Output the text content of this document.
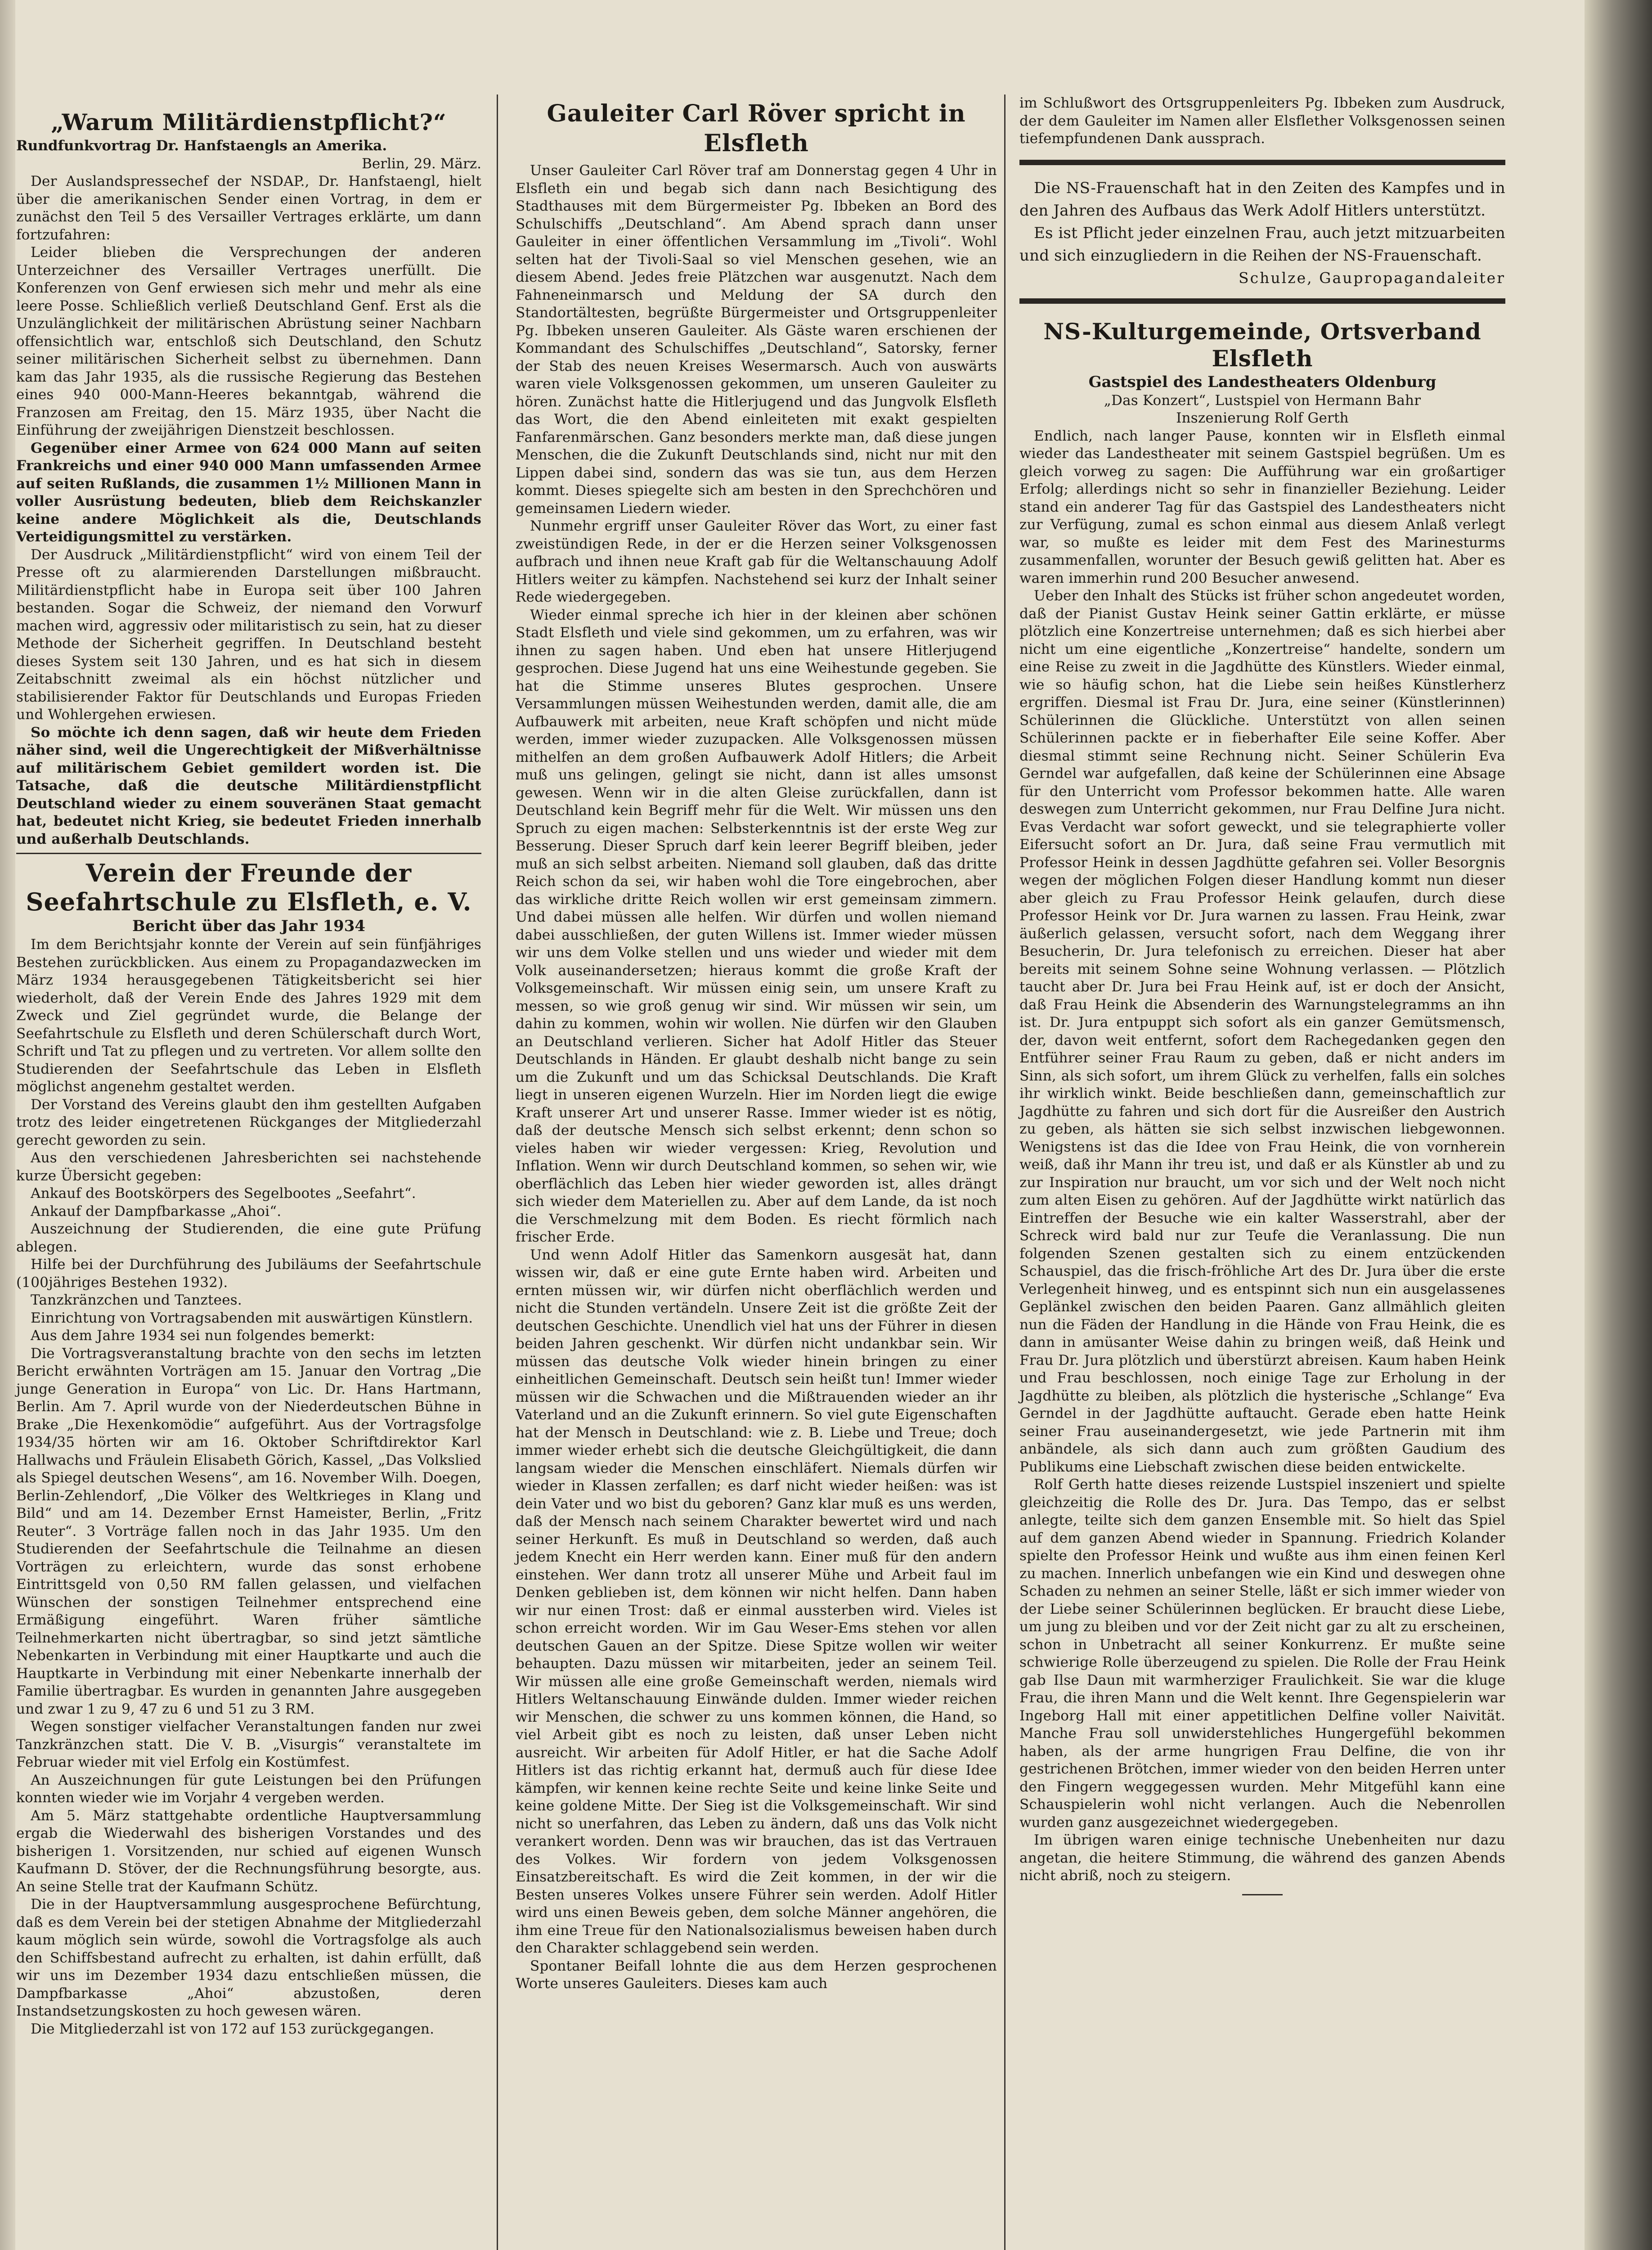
„Warum Militärdienstpflicht?“
Rundfunkvortrag Dr. Hanfstaengls an Amerika.
Berlin, 29. März.

Der Auslandspressechef der NSDAP., Dr. Hanfstaengl, hielt über die amerikanischen Sender einen Vortrag, in dem er zunächst den Teil 5 des Versailler Vertrages erklärte, um dann fortzufahren:

Leider blieben die Versprechungen der anderen Unterzeichner des Versailler Vertrages unerfüllt. Die Konferenzen von Genf erwiesen sich mehr und mehr als eine leere Posse. Schließlich verließ Deutschland Genf. Erst als die Unzulänglichkeit der militärischen Abrüstung seiner Nachbarn offensichtlich war, entschloß sich Deutschland, den Schutz seiner militärischen Sicherheit selbst zu übernehmen. Dann kam das Jahr 1935, als die russische Regierung das Bestehen eines 940 000-Mann-Heeres bekanntgab, während die Franzosen am Freitag, den 15. März 1935, über Nacht die Einführung der zweijährigen Dienstzeit beschlossen.

Gegenüber einer Armee von 624 000 Mann auf seiten Frankreichs und einer 940 000 Mann umfassenden Armee auf seiten Rußlands, die zusammen 1½ Millionen Mann in voller Ausrüstung bedeuten, blieb dem Reichskanzler keine andere Möglichkeit als die, Deutschlands Verteidigungsmittel zu verstärken.

Der Ausdruck „Militärdienstpflicht“ wird von einem Teil der Presse oft zu alarmierenden Darstellungen mißbraucht. Militärdienstpflicht habe in Europa seit über 100 Jahren bestanden. Sogar die Schweiz, der niemand den Vorwurf machen wird, aggressiv oder militaristisch zu sein, hat zu dieser Methode der Sicherheit gegriffen. In Deutschland besteht dieses System seit 130 Jahren, und es hat sich in diesem Zeitabschnitt zweimal als ein höchst nützlicher und stabilisierender Faktor für Deutschlands und Europas Frieden und Wohlergehen erwiesen.

So möchte ich denn sagen, daß wir heute dem Frieden näher sind, weil die Ungerechtigkeit der Mißverhältnisse auf militärischem Gebiet gemildert worden ist. Die Tatsache, daß die deutsche Militärdienstpflicht Deutschland wieder zu einem souveränen Staat gemacht hat, bedeutet nicht Krieg, sie bedeutet Frieden innerhalb und außerhalb Deutschlands.

Verein der Freunde der Seefahrtschule zu Elsfleth, e. V.
Bericht über das Jahr 1934

Im dem Berichtsjahr konnte der Verein auf sein fünfjähriges Bestehen zurückblicken. Aus einem zu Propagandazwecken im März 1934 herausgegebenen Tätigkeitsbericht sei hier wiederholt, daß der Verein Ende des Jahres 1929 mit dem Zweck und Ziel gegründet wurde, die Belange der Seefahrtschule zu Elsfleth und deren Schülerschaft durch Wort, Schrift und Tat zu pflegen und zu vertreten. Vor allem sollte den Studierenden der Seefahrtschule das Leben in Elsfleth möglichst angenehm gestaltet werden.

Der Vorstand des Vereins glaubt den ihm gestellten Aufgaben trotz des leider eingetretenen Rückganges der Mitgliederzahl gerecht geworden zu sein.

Aus den verschiedenen Jahresberichten sei nachstehende kurze Übersicht gegeben:

Ankauf des Bootskörpers des Segelbootes „Seefahrt“.

Ankauf der Dampfbarkasse „Ahoi“.

Auszeichnung der Studierenden, die eine gute Prüfung ablegen.

Hilfe bei der Durchführung des Jubiläums der Seefahrtschule (100jähriges Bestehen 1932).

Tanzkränzchen und Tanztees.

Einrichtung von Vortragsabenden mit auswärtigen Künstlern.

Aus dem Jahre 1934 sei nun folgendes bemerkt:

Die Vortragsveranstaltung brachte von den sechs im letzten Bericht erwähnten Vorträgen am 15. Januar den Vortrag „Die junge Generation in Europa“ von Lic. Dr. Hans Hartmann, Berlin. Am 7. April wurde von der Niederdeutschen Bühne in Brake „Die Hexenkomödie“ aufgeführt. Aus der Vortragsfolge 1934/35 hörten wir am 16. Oktober Schriftdirektor Karl Hallwachs und Fräulein Elisabeth Görich, Kassel, „Das Volkslied als Spiegel deutschen Wesens“, am 16. November Wilh. Doegen, Berlin-Zehlendorf, „Die Völker des Weltkrieges in Klang und Bild“ und am 14. Dezember Ernst Hameister, Berlin, „Fritz Reuter“. 3 Vorträge fallen noch in das Jahr 1935. Um den Studierenden der Seefahrtschule die Teilnahme an diesen Vorträgen zu erleichtern, wurde das sonst erhobene Eintrittsgeld von 0,50 RM fallen gelassen, und vielfachen Wünschen der sonstigen Teilnehmer entsprechend eine Ermäßigung eingeführt. Waren früher sämtliche Teilnehmerkarten nicht übertragbar, so sind jetzt sämtliche Nebenkarten in Verbindung mit einer Hauptkarte und auch die Hauptkarte in Verbindung mit einer Nebenkarte innerhalb der Familie übertragbar. Es wurden in genannten Jahre ausgegeben und zwar 1 zu 9, 47 zu 6 und 51 zu 3 RM.

Wegen sonstiger vielfacher Veranstaltungen fanden nur zwei Tanzkränzchen statt. Die V. B. „Visurgis“ veranstaltete im Februar wieder mit viel Erfolg ein Kostümfest.

An Auszeichnungen für gute Leistungen bei den Prüfungen konnten wieder wie im Vorjahr 4 vergeben werden.

Am 5. März stattgehabte ordentliche Hauptversammlung ergab die Wiederwahl des bisherigen Vorstandes und des bisherigen 1. Vorsitzenden, nur schied auf eigenen Wunsch Kaufmann D. Stöver, der die Rechnungsführung besorgte, aus. An seine Stelle trat der Kaufmann Schütz.

Die in der Hauptversammlung ausgesprochene Befürchtung, daß es dem Verein bei der stetigen Abnahme der Mitgliederzahl kaum möglich sein würde, sowohl die Vortragsfolge als auch den Schiffsbestand aufrecht zu erhalten, ist dahin erfüllt, daß wir uns im Dezember 1934 dazu entschließen müssen, die Dampfbarkasse „Ahoi“ abzustoßen, deren Instandsetzungskosten zu hoch gewesen wären.

Die Mitgliederzahl ist von 172 auf 153 zurückgegangen.

Gauleiter Carl Röver spricht in Elsfleth

Unser Gauleiter Carl Röver traf am Donnerstag gegen 4 Uhr in Elsfleth ein und begab sich dann nach Besichtigung des Stadthauses mit dem Bürgermeister Pg. Ibbeken an Bord des Schulschiffs „Deutschland“. Am Abend sprach dann unser Gauleiter in einer öffentlichen Versammlung im „Tivoli“. Wohl selten hat der Tivoli-Saal so viel Menschen gesehen, wie an diesem Abend. Jedes freie Plätzchen war ausgenutzt. Nach dem Fahneneinmarsch und Meldung der SA durch den Standortältesten, begrüßte Bürgermeister und Ortsgruppenleiter Pg. Ibbeken unseren Gauleiter. Als Gäste waren erschienen der Kommandant des Schulschiffes „Deutschland“, Satorsky, ferner der Stab des neuen Kreises Wesermarsch. Auch von auswärts waren viele Volksgenossen gekommen, um unseren Gauleiter zu hören. Zunächst hatte die Hitlerjugend und das Jungvolk Elsfleth das Wort, die den Abend einleiteten mit exakt gespielten Fanfarenmärschen. Ganz besonders merkte man, daß diese jungen Menschen, die die Zukunft Deutschlands sind, nicht nur mit den Lippen dabei sind, sondern das was sie tun, aus dem Herzen kommt. Dieses spiegelte sich am besten in den Sprechchören und gemeinsamen Liedern wieder.

Nunmehr ergriff unser Gauleiter Röver das Wort, zu einer fast zweistündigen Rede, in der er die Herzen seiner Volksgenossen aufbrach und ihnen neue Kraft gab für die Weltanschauung Adolf Hitlers weiter zu kämpfen. Nachstehend sei kurz der Inhalt seiner Rede wiedergegeben.

Wieder einmal spreche ich hier in der kleinen aber schönen Stadt Elsfleth und viele sind gekommen, um zu erfahren, was wir ihnen zu sagen haben. Und eben hat unsere Hitlerjugend gesprochen. Diese Jugend hat uns eine Weihestunde gegeben. Sie hat die Stimme unseres Blutes gesprochen. Unsere Versammlungen müssen Weihestunden werden, damit alle, die am Aufbauwerk mit arbeiten, neue Kraft schöpfen und nicht müde werden, immer wieder zuzupacken. Alle Volksgenossen müssen mithelfen an dem großen Aufbauwerk Adolf Hitlers; die Arbeit muß uns gelingen, gelingt sie nicht, dann ist alles umsonst gewesen. Wenn wir in die alten Gleise zurückfallen, dann ist Deutschland kein Begriff mehr für die Welt. Wir müssen uns den Spruch zu eigen machen: Selbsterkenntnis ist der erste Weg zur Besserung. Dieser Spruch darf kein leerer Begriff bleiben, jeder muß an sich selbst arbeiten. Niemand soll glauben, daß das dritte Reich schon da sei, wir haben wohl die Tore eingebrochen, aber das wirkliche dritte Reich wollen wir erst gemeinsam zimmern. Und dabei müssen alle helfen. Wir dürfen und wollen niemand dabei ausschließen, der guten Willens ist. Immer wieder müssen wir uns dem Volke stellen und uns wieder und wieder mit dem Volk auseinandersetzen; hieraus kommt die große Kraft der Volksgemeinschaft. Wir müssen einig sein, um unsere Kraft zu messen, so wie groß genug wir sind. Wir müssen wir sein, um dahin zu kommen, wohin wir wollen. Nie dürfen wir den Glauben an Deutschland verlieren. Sicher hat Adolf Hitler das Steuer Deutschlands in Händen. Er glaubt deshalb nicht bange zu sein um die Zukunft und um das Schicksal Deutschlands. Die Kraft liegt in unseren eigenen Wurzeln. Hier im Norden liegt die ewige Kraft unserer Art und unserer Rasse. Immer wieder ist es nötig, daß der deutsche Mensch sich selbst erkennt; denn schon so vieles haben wir wieder vergessen: Krieg, Revolution und Inflation. Wenn wir durch Deutschland kommen, so sehen wir, wie oberflächlich das Leben hier wieder geworden ist, alles drängt sich wieder dem Materiellen zu. Aber auf dem Lande, da ist noch die Verschmelzung mit dem Boden. Es riecht förmlich nach frischer Erde.

Und wenn Adolf Hitler das Samenkorn ausgesät hat, dann wissen wir, daß er eine gute Ernte haben wird. Arbeiten und ernten müssen wir, wir dürfen nicht oberflächlich werden und nicht die Stunden vertändeln. Unsere Zeit ist die größte Zeit der deutschen Geschichte. Unendlich viel hat uns der Führer in diesen beiden Jahren geschenkt. Wir dürfen nicht undankbar sein. Wir müssen das deutsche Volk wieder hinein bringen zu einer einheitlichen Gemeinschaft. Deutsch sein heißt tun! Immer wieder müssen wir die Schwachen und die Mißtrauenden wieder an ihr Vaterland und an die Zukunft erinnern. So viel gute Eigenschaften hat der Mensch in Deutschland: wie z. B. Liebe und Treue; doch immer wieder erhebt sich die deutsche Gleichgültigkeit, die dann langsam wieder die Menschen einschläfert. Niemals dürfen wir wieder in Klassen zerfallen; es darf nicht wieder heißen: was ist dein Vater und wo bist du geboren? Ganz klar muß es uns werden, daß der Mensch nach seinem Charakter bewertet wird und nach seiner Herkunft. Es muß in Deutschland so werden, daß auch jedem Knecht ein Herr werden kann. Einer muß für den andern einstehen. Wer dann trotz all unserer Mühe und Arbeit faul im Denken geblieben ist, dem können wir nicht helfen. Dann haben wir nur einen Trost: daß er einmal aussterben wird. Vieles ist schon erreicht worden. Wir im Gau Weser-Ems stehen vor allen deutschen Gauen an der Spitze. Diese Spitze wollen wir weiter behaupten. Dazu müssen wir mitarbeiten, jeder an seinem Teil. Wir müssen alle eine große Gemeinschaft werden, niemals wird Hitlers Weltanschauung Einwände dulden. Immer wieder reichen wir Menschen, die schwer zu uns kommen können, die Hand, so viel Arbeit gibt es noch zu leisten, daß unser Leben nicht ausreicht. Wir arbeiten für Adolf Hitler, er hat die Sache Adolf Hitlers ist das richtig erkannt hat, dermuß auch für diese Idee kämpfen, wir kennen keine rechte Seite und keine linke Seite und keine goldene Mitte. Der Sieg ist die Volksgemeinschaft. Wir sind nicht so unerfahren, das Leben zu ändern, daß uns das Volk nicht verankert worden. Denn was wir brauchen, das ist das Vertrauen des Volkes. Wir fordern von jedem Volksgenossen Einsatzbereitschaft. Es wird die Zeit kommen, in der wir die Besten unseres Volkes unsere Führer sein werden. Adolf Hitler wird uns einen Beweis geben, dem solche Männer angehören, die ihm eine Treue für den Nationalsozialismus beweisen haben durch den Charakter schlaggebend sein werden.

Spontaner Beifall lohnte die aus dem Herzen gesprochenen Worte unseres Gauleiters. Dieses kam auch

im Schlußwort des Ortsgruppenleiters Pg. Ibbeken zum Ausdruck, der dem Gauleiter im Namen aller Elsflether Volksgenossen seinen tiefempfundenen Dank aussprach.

Die NS-Frauenschaft hat in den Zeiten des Kampfes und in den Jahren des Aufbaus das Werk Adolf Hitlers unterstützt.

Es ist Pflicht jeder einzelnen Frau, auch jetzt mitzuarbeiten und sich einzugliedern in die Reihen der NS-Frauenschaft.

Schulze, Gaupropagandaleiter

NS-Kulturgemeinde, Ortsverband Elsfleth
Gastspiel des Landestheaters Oldenburg

„Das Konzert“, Lustspiel von Hermann Bahr

Inszenierung Rolf Gerth

Endlich, nach langer Pause, konnten wir in Elsfleth einmal wieder das Landestheater mit seinem Gastspiel begrüßen. Um es gleich vorweg zu sagen: Die Aufführung war ein großartiger Erfolg; allerdings nicht so sehr in finanzieller Beziehung. Leider stand ein anderer Tag für das Gastspiel des Landestheaters nicht zur Verfügung, zumal es schon einmal aus diesem Anlaß verlegt war, so mußte es leider mit dem Fest des Marinesturms zusammenfallen, worunter der Besuch gewiß gelitten hat. Aber es waren immerhin rund 200 Besucher anwesend.

Ueber den Inhalt des Stücks ist früher schon angedeutet worden, daß der Pianist Gustav Heink seiner Gattin erklärte, er müsse plötzlich eine Konzertreise unternehmen; daß es sich hierbei aber nicht um eine eigentliche „Konzertreise“ handelte, sondern um eine Reise zu zweit in die Jagdhütte des Künstlers. Wieder einmal, wie so häufig schon, hat die Liebe sein heißes Künstlerherz ergriffen. Diesmal ist Frau Dr. Jura, eine seiner (Künstlerinnen) Schülerinnen die Glückliche. Unterstützt von allen seinen Schülerinnen packte er in fieberhafter Eile seine Koffer. Aber diesmal stimmt seine Rechnung nicht. Seiner Schülerin Eva Gerndel war aufgefallen, daß keine der Schülerinnen eine Absage für den Unterricht vom Professor bekommen hatte. Alle waren deswegen zum Unterricht gekommen, nur Frau Delfine Jura nicht. Evas Verdacht war sofort geweckt, und sie telegraphierte voller Eifersucht sofort an Dr. Jura, daß seine Frau vermutlich mit Professor Heink in dessen Jagdhütte gefahren sei. Voller Besorgnis wegen der möglichen Folgen dieser Handlung kommt nun dieser aber gleich zu Frau Professor Heink gelaufen, durch diese Professor Heink vor Dr. Jura warnen zu lassen. Frau Heink, zwar äußerlich gelassen, versucht sofort, nach dem Weggang ihrer Besucherin, Dr. Jura telefonisch zu erreichen. Dieser hat aber bereits mit seinem Sohne seine Wohnung verlassen. — Plötzlich taucht aber Dr. Jura bei Frau Heink auf, ist er doch der Ansicht, daß Frau Heink die Absenderin des Warnungstelegramms an ihn ist. Dr. Jura entpuppt sich sofort als ein ganzer Gemütsmensch, der, davon weit entfernt, sofort dem Rachegedanken gegen den Entführer seiner Frau Raum zu geben, daß er nicht anders im Sinn, als sich sofort, um ihrem Glück zu verhelfen, falls ein solches ihr wirklich winkt. Beide beschließen dann, gemeinschaftlich zur Jagdhütte zu fahren und sich dort für die Ausreißer den Austrich zu geben, als hätten sie sich selbst inzwischen liebgewonnen. Wenigstens ist das die Idee von Frau Heink, die von vornherein weiß, daß ihr Mann ihr treu ist, und daß er als Künstler ab und zu zur Inspiration nur braucht, um vor sich und der Welt noch nicht zum alten Eisen zu gehören. Auf der Jagdhütte wirkt natürlich das Eintreffen der Besuche wie ein kalter Wasserstrahl, aber der Schreck wird bald nur zur Teufe die Veranlassung. Die nun folgenden Szenen gestalten sich zu einem entzückenden Schauspiel, das die frisch-fröhliche Art des Dr. Jura über die erste Verlegenheit hinweg, und es entspinnt sich nun ein ausgelassenes Geplänkel zwischen den beiden Paaren. Ganz allmählich gleiten nun die Fäden der Handlung in die Hände von Frau Heink, die es dann in amüsanter Weise dahin zu bringen weiß, daß Heink und Frau Dr. Jura plötzlich und überstürzt abreisen. Kaum haben Heink und Frau beschlossen, noch einige Tage zur Erholung in der Jagdhütte zu bleiben, als plötzlich die hysterische „Schlange“ Eva Gerndel in der Jagdhütte auftaucht. Gerade eben hatte Heink seiner Frau auseinandergesetzt, wie jede Partnerin mit ihm anbändele, als sich dann auch zum größten Gaudium des Publikums eine Liebschaft zwischen diese beiden entwickelte.

Rolf Gerth hatte dieses reizende Lustspiel inszeniert und spielte gleichzeitig die Rolle des Dr. Jura. Das Tempo, das er selbst anlegte, teilte sich dem ganzen Ensemble mit. So hielt das Spiel auf dem ganzen Abend wieder in Spannung. Friedrich Kolander spielte den Professor Heink und wußte aus ihm einen feinen Kerl zu machen. Innerlich unbefangen wie ein Kind und deswegen ohne Schaden zu nehmen an seiner Stelle, läßt er sich immer wieder von der Liebe seiner Schülerinnen beglücken. Er braucht diese Liebe, um jung zu bleiben und vor der Zeit nicht gar zu alt zu erscheinen, schon in Unbetracht all seiner Konkurrenz. Er mußte seine schwierige Rolle überzeugend zu spielen. Die Rolle der Frau Heink gab Ilse Daun mit warmherziger Fraulichkeit. Sie war die kluge Frau, die ihren Mann und die Welt kennt. Ihre Gegenspielerin war Ingeborg Hall mit einer appetitlichen Delfine voller Naivität. Manche Frau soll unwiderstehliches Hungergefühl bekommen haben, als der arme hungrigen Frau Delfine, die von ihr gestrichenen Brötchen, immer wieder von den beiden Herren unter den Fingern weggegessen wurden. Mehr Mitgefühl kann eine Schauspielerin wohl nicht verlangen. Auch die Nebenrollen wurden ganz ausgezeichnet wiedergegeben.

Im übrigen waren einige technische Unebenheiten nur dazu angetan, die heitere Stimmung, die während des ganzen Abends nicht abriß, noch zu steigern.
